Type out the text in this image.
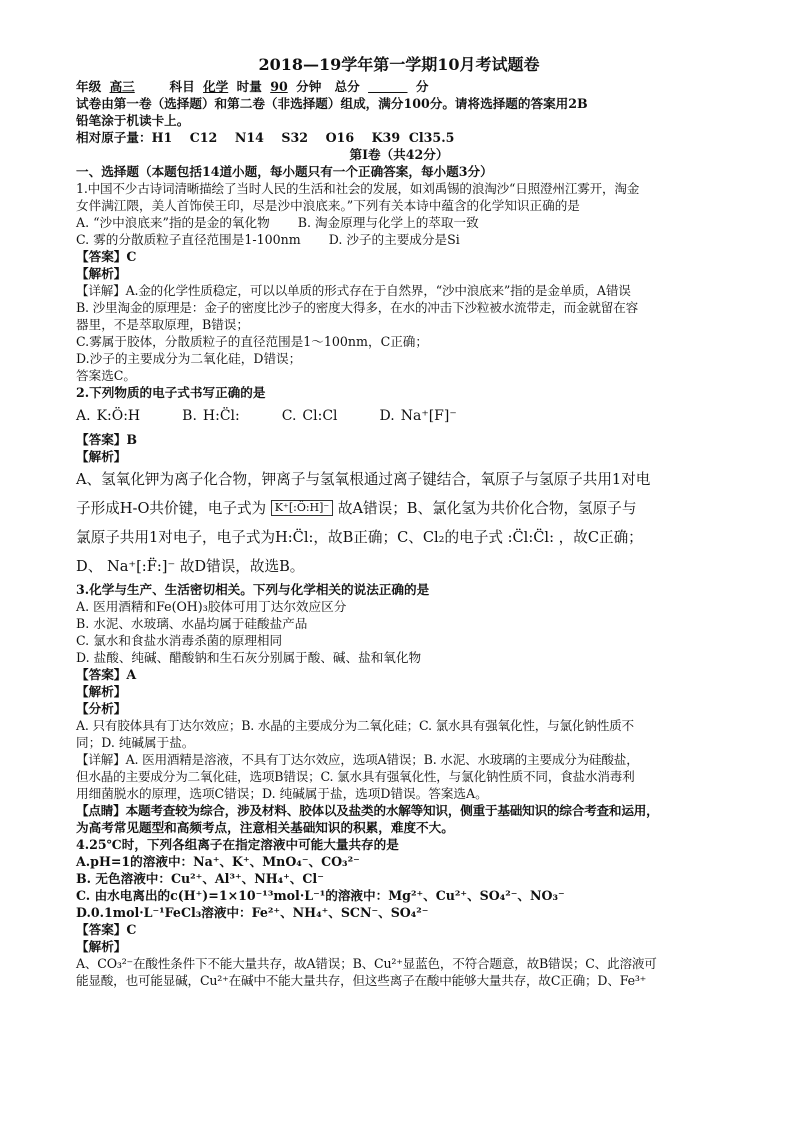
2018—19学年第一学期10月考试题卷
年级 高三	科目 化学 时量 90 分钟 总分	分

试卷由第一卷（选择题）和第二卷（非选择题）组成，满分100分。请将选择题的答案用2B

铅笔涂于机读卡上。

相对原子量：H1    C12    N14    S32    O16    K39  Cl35.5

第Ⅰ卷（共42分）

一、选择题（本题包括14道小题，每小题只有一个正确答案，每小题3分）

1.中国不少古诗词清晰描绘了当时人民的生活和社会的发展，如刘禹锡的浪淘沙“日照澄州江雾开，淘金

女伴满江隈，美人首饰侯王印，尽是沙中浪底来。”下列有关本诗中蕴含的化学知识正确的是

A. “沙中浪底来”指的是金的氧化物 B. 淘金原理与化学上的萃取一致
C. 雾的分散质粒子直径范围是1-100nm D. 沙子的主要成分是Si

【答案】C

【解析】

【详解】A.金的化学性质稳定，可以以单质的形式存在于自然界，“沙中浪底来”指的是金单质，A错误

B. 沙里淘金的原理是：金子的密度比沙子的密度大得多，在水的冲击下沙粒被水流带走，而金就留在容

器里，不是萃取原理，B错误；

C.雾属于胶体，分散质粒子的直径范围是1～100nm，C正确；

D.沙子的主要成分为二氧化硅，D错误；

答案选C。

2.下列物质的电子式书写正确的是

A. K:Ö:H	B. H:C̈l:	C. Cl:Cl	D. Na⁺[F]⁻

【答案】B

【解析】

A、氢氧化钾为离子化合物，钾离子与氢氧根通过离子键结合，氧原子与氢原子共用1对电

子形成H-O共价键，电子式为 K⁺[:Ö:H]⁻ 故A错误；B、氯化氢为共价化合物，氢原子与

氯原子共用1对电子，电子式为H:C̈l:，故B正确；C、Cl₂的电子式 :C̈l:C̈l: ，故C正确；

D、 Na⁺[:F̈:]⁻ 故D错误，故选B。

3.化学与生产、生活密切相关。下列与化学相关的说法正确的是

A. 医用酒精和Fe(OH)₃胶体可用丁达尔效应区分

B. 水泥、水玻璃、水晶均属于硅酸盐产品

C. 氯水和食盐水消毒杀菌的原理相同

D. 盐酸、纯碱、醋酸钠和生石灰分别属于酸、碱、盐和氧化物

【答案】A

【解析】

【分析】

A. 只有胶体具有丁达尔效应；B. 水晶的主要成分为二氧化硅；C. 氯水具有强氧化性，与氯化钠性质不

同；D. 纯碱属于盐。

【详解】A. 医用酒精是溶液，不具有丁达尔效应，选项A错误；B. 水泥、水玻璃的主要成分为硅酸盐，

但水晶的主要成分为二氧化硅，选项B错误；C. 氯水具有强氧化性，与氯化钠性质不同，食盐水消毒利

用细菌脱水的原理，选项C错误；D. 纯碱属于盐，选项D错误。答案选A。

【点睛】本题考查较为综合，涉及材料、胶体以及盐类的水解等知识，侧重于基础知识的综合考查和运用，

为高考常见题型和高频考点，注意相关基础知识的积累，难度不大。

4.25℃时，下列各组离子在指定溶液中可能大量共存的是

A.pH=1的溶液中：Na⁺、K⁺、MnO₄⁻、CO₃²⁻

B. 无色溶液中：Cu²⁺、Al³⁺、NH₄⁺、Cl⁻

C. 由水电离出的c(H⁺)=1×10⁻¹³mol·L⁻¹的溶液中：Mg²⁺、Cu²⁺、SO₄²⁻、NO₃⁻

D.0.1mol·L⁻¹FeCl₃溶液中：Fe²⁺、NH₄⁺、SCN⁻、SO₄²⁻

【答案】C

【解析】

A、CO₃²⁻在酸性条件下不能大量共存，故A错误；B、Cu²⁺显蓝色，不符合题意，故B错误；C、此溶液可

能显酸，也可能显碱，Cu²⁺在碱中不能大量共存，但这些离子在酸中能够大量共存，故C正确；D、Fe³⁺
